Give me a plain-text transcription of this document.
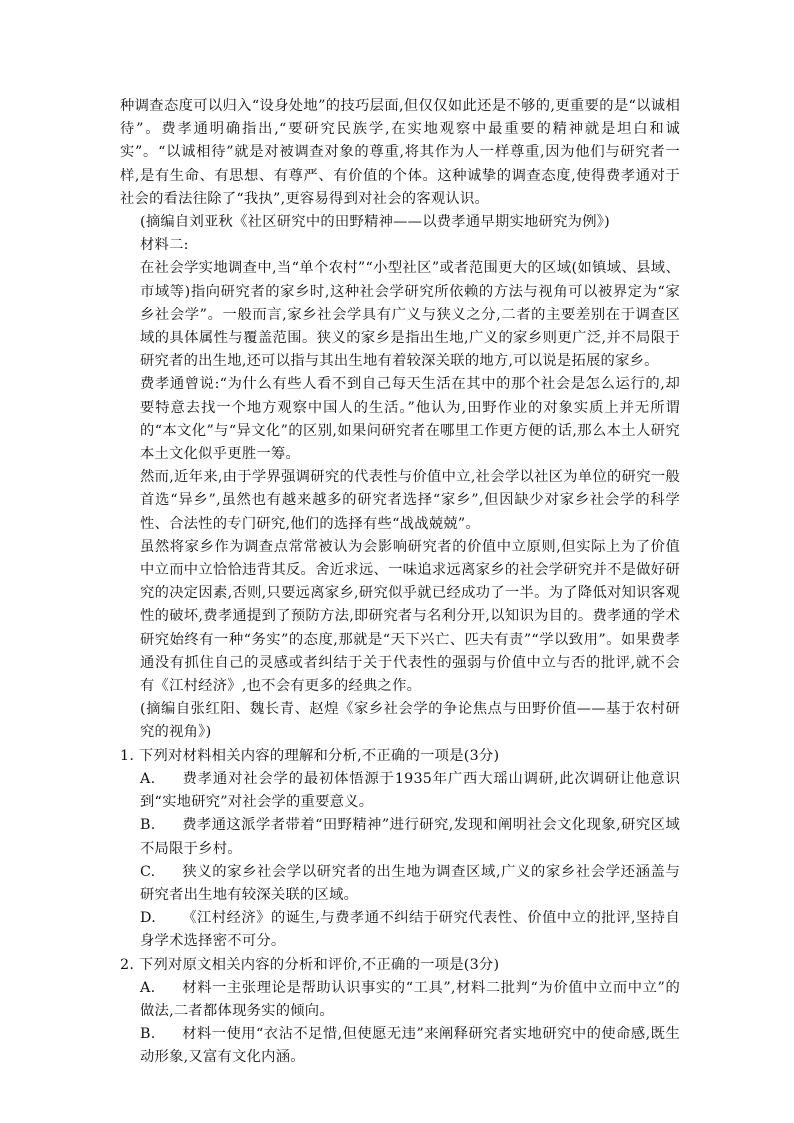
种调查态度可以归入“设身处地”的技巧层面,但仅仅如此还是不够的,更重要的是“以诚相待”。费孝通明确指出,“要研究民族学,在实地观察中最重要的精神就是坦白和诚实”。“以诚相待”就是对被调查对象的尊重,将其作为人一样尊重,因为他们与研究者一样,是有生命、有思想、有尊严、有价值的个体。这种诚挚的调查态度,使得费孝通对于社会的看法往除了“我执”,更容易得到对社会的客观认识。

(摘编自刘亚秋《社区研究中的田野精神——以费孝通早期实地研究为例》)

材料二:

在社会学实地调查中,当“单个农村”“小型社区”或者范围更大的区域(如镇域、县域、市域等)指向研究者的家乡时,这种社会学研究所依赖的方法与视角可以被界定为“家乡社会学”。一般而言,家乡社会学具有广义与狭义之分,二者的主要差别在于调查区域的具体属性与覆盖范围。狭义的家乡是指出生地,广义的家乡则更广泛,并不局限于研究者的出生地,还可以指与其出生地有着较深关联的地方,可以说是拓展的家乡。

费孝通曾说:“为什么有些人看不到自己每天生活在其中的那个社会是怎么运行的,却要特意去找一个地方观察中国人的生活。”他认为,田野作业的对象实质上并无所谓的“本文化”与“异文化”的区别,如果问研究者在哪里工作更方便的话,那么本土人研究本土文化似乎更胜一筹。

然而,近年来,由于学界强调研究的代表性与价值中立,社会学以社区为单位的研究一般首选“异乡”,虽然也有越来越多的研究者选择“家乡”,但因缺少对家乡社会学的科学性、合法性的专门研究,他们的选择有些“战战兢兢”。

虽然将家乡作为调查点常常被认为会影响研究者的价值中立原则,但实际上为了价值中立而中立恰恰违背其反。舍近求远、一味追求远离家乡的社会学研究并不是做好研究的决定因素,否则,只要远离家乡,研究似乎就已经成功了一半。为了降低对知识客观性的破坏,费孝通提到了预防方法,即研究者与名利分开,以知识为目的。费孝通的学术研究始终有一种“务实”的态度,那就是“天下兴亡、匹夫有责”“学以致用”。如果费孝通没有抓住自己的灵感或者纠结于关于代表性的强弱与价值中立与否的批评,就不会有《江村经济》,也不会有更多的经典之作。

(摘编自张红阳、魏长青、赵煌《家乡社会学的争论焦点与田野价值——基于农村研究的视角》)

1. 下列对材料相关内容的理解和分析,不正确的一项是(3分)

A. 费孝通对社会学的最初体悟源于1935年广西大瑶山调研,此次调研让他意识到“实地研究”对社会学的重要意义。

B. 费孝通这派学者带着“田野精神”进行研究,发现和阐明社会文化现象,研究区域不局限于乡村。

C. 狭义的家乡社会学以研究者的出生地为调查区域,广义的家乡社会学还涵盖与研究者出生地有较深关联的区域。

D. 《江村经济》的诞生,与费孝通不纠结于研究代表性、价值中立的批评,坚持自身学术选择密不可分。

2. 下列对原文相关内容的分析和评价,不正确的一项是(3分)

A. 材料一主张理论是帮助认识事实的“工具”,材料二批判“为价值中立而中立”的做法,二者都体现务实的倾向。

B. 材料一使用“衣沾不足惜,但使愿无违”来阐释研究者实地研究中的使命感,既生动形象,又富有文化内涵。
